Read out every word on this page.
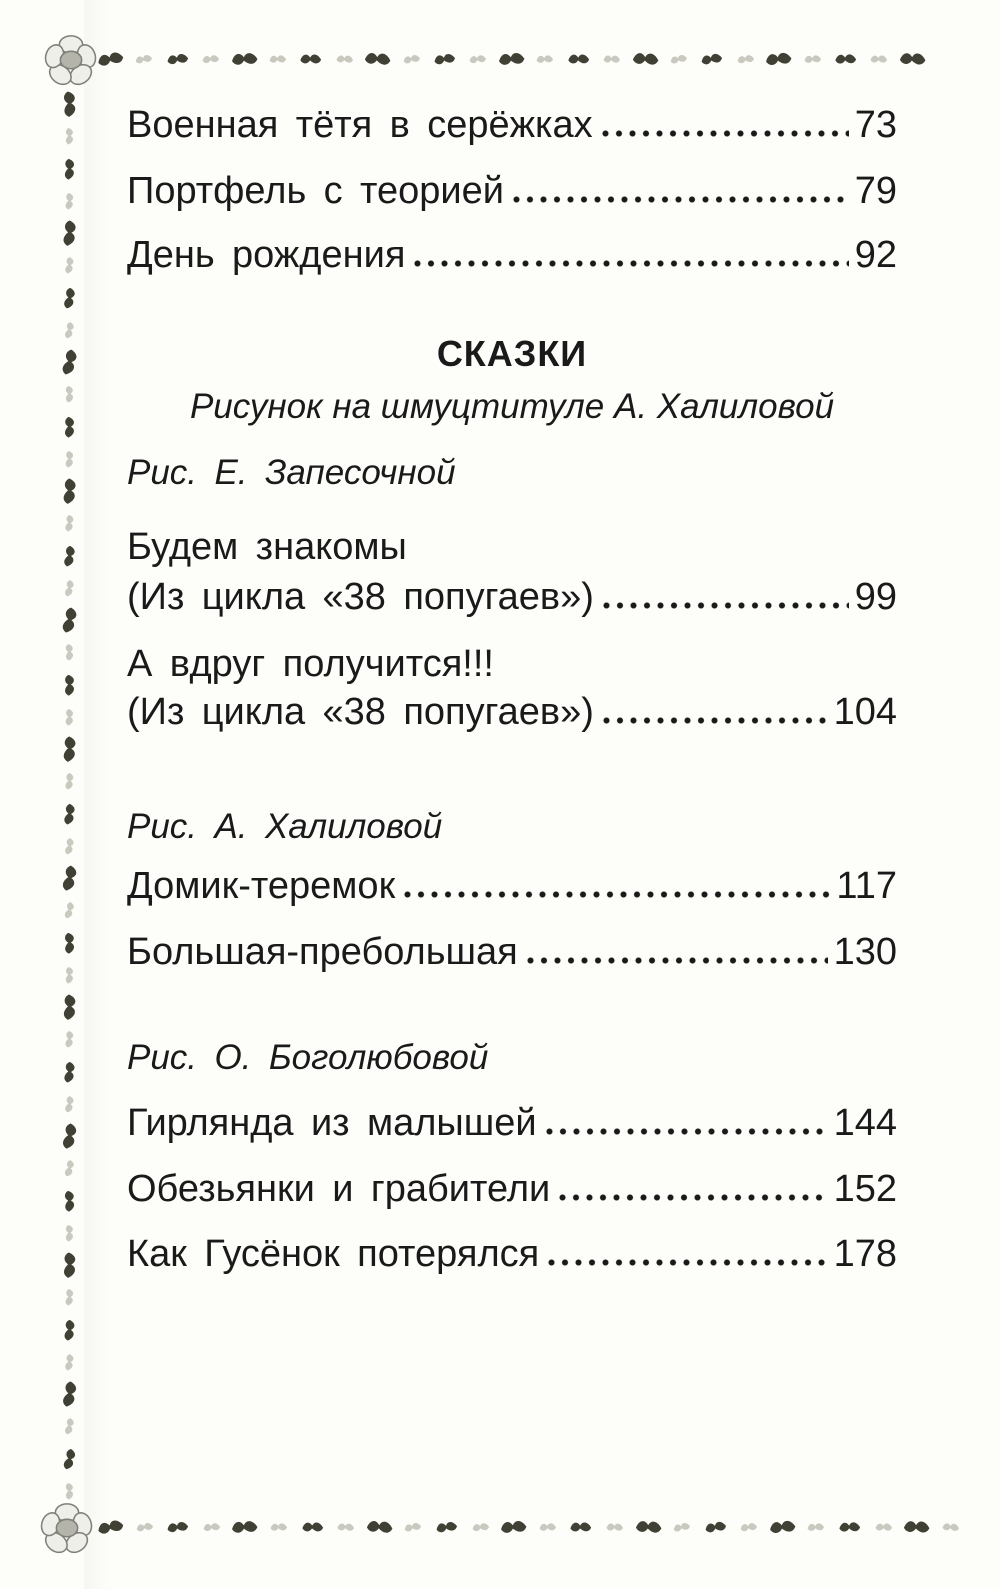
Военная тётя в серёжках	73
Портфель с теорией	79
День рождения	92
СКАЗКИ
Рисунок на шмуцтитуле А. Халиловой
Рис. Е. Запесочной
Будем знакомы
(Из цикла «38 попугаев»)	99
А вдруг получится!!!
(Из цикла «38 попугаев»)	104
Рис. А. Халиловой
Домик-теремок	117
Большая-пребольшая	130
Рис. О. Боголюбовой
Гирлянда из малышей	144
Обезьянки и грабители	152
Как Гусёнок потерялся	178
